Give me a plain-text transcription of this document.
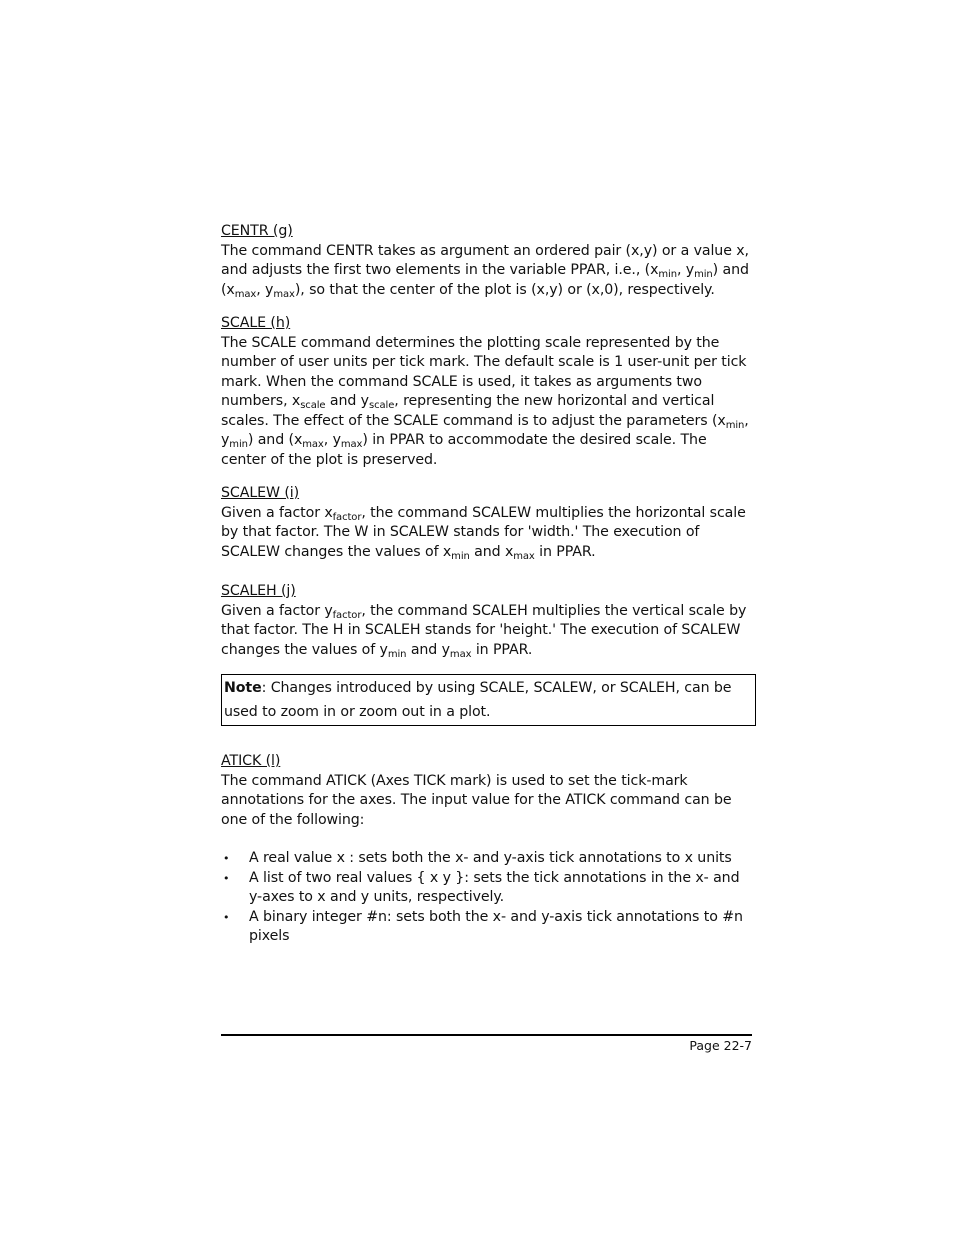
CENTR (g)

The command CENTR takes as argument an ordered pair (x,y) or a value x, and adjusts the first two elements in the variable PPAR, i.e., ($x_{min}$, $y_{min}$) and ($x_{max}$, $y_{max}$), so that the center of the plot is (x,y) or (x,0), respectively.

SCALE (h)

The SCALE command determines the plotting scale represented by the number of user units per tick mark. The default scale is 1 user-unit per tick mark. When the command SCALE is used, it takes as arguments two numbers, $x_{scale}$ and $y_{scale}$, representing the new horizontal and vertical scales. The effect of the SCALE command is to adjust the parameters ($x_{min}$, $y_{min}$) and ($x_{max}$, $y_{max}$) in PPAR to accommodate the desired scale. The center of the plot is preserved.

SCALEW (i)

Given a factor $x_{factor}$, the command SCALEW multiplies the horizontal scale by that factor. The W in SCALEW stands for 'width.' The execution of SCALEW changes the values of $x_{min}$ and $x_{max}$ in PPAR.

SCALEH (j)

Given a factor $y_{factor}$, the command SCALEH multiplies the vertical scale by that factor. The H in SCALEH stands for 'height.' The execution of SCALEW changes the values of $y_{min}$ and $y_{max}$ in PPAR.

Note: Changes introduced by using SCALE, SCALEW, or SCALEH, can be used to zoom in or zoom out in a plot.

ATICK (l)

The command ATICK (Axes TICK mark) is used to set the tick-mark annotations for the axes. The input value for the ATICK command can be one of the following:

• A real value x : sets both the x- and y-axis tick annotations to x units
• A list of two real values { x y }: sets the tick annotations in the x- and y-axes to x and y units, respectively.
• A binary integer #n: sets both the x- and y-axis tick annotations to #n pixels
Page 22-7
